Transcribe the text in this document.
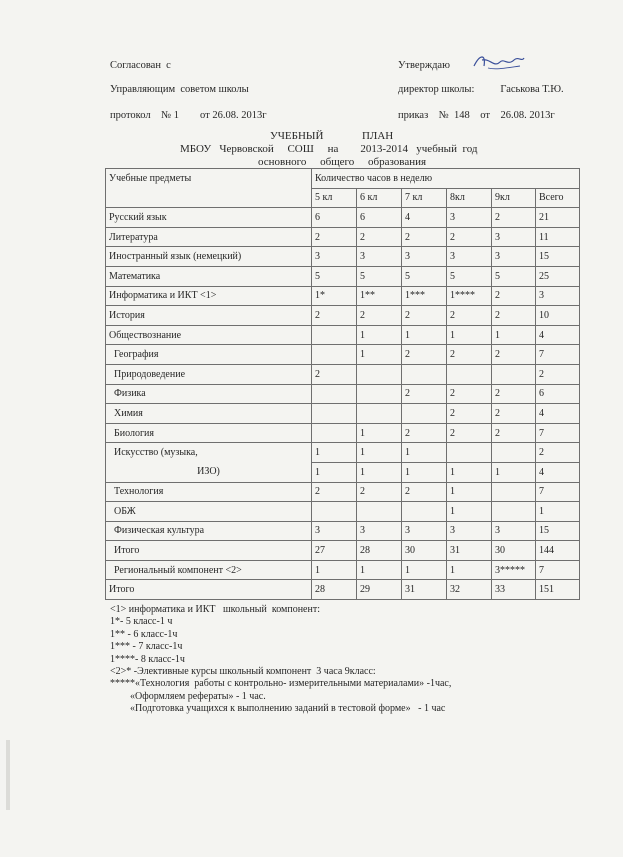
Согласован  с
Управляющим  советом школы
протокол    № 1        от 26.08. 2013г
Утверждаю
директор школы: Гаськова Т.Ю.
приказ    №  148    от    26.08. 2013г
УЧЕБНЫЙ              ПЛАН
МБОУ   Червовской     СОШ     на        2013-2014   учебный  год
основного     общего     образования
Учебные предметы	Количество часов в неделю					
	5 кл	6 кл	7 кл	8кл	9кл	Всего
Русский язык	6	6	4	3	2	21
Литература	2	2	2	2	3	11
Иностранный язык (немецкий)	3	3	3	3	3	15
Математика	5	5	5	5	5	25
Информатика и ИКТ <1>	1*	1**	1***	1****	2	3
История	2	2	2	2	2	10
Обществознание		1	1	1	1	4
География		1	2	2	2	7
Природоведение	2					2
Физика			2	2	2	6
Химия				2	2	4
Биология		1	2	2	2	7
Искусство (музыка,	1	1	1			2
ИЗО)	1	1	1	1	1	4
Технология	2	2	2	1		7
ОБЖ				1		1
Физическая культура	3	3	3	3	3	15
Итого	27	28	30	31	30	144
Региональный компонент <2>	1	1	1	1	3*****	7
Итого	28	29	31	32	33	151
<1> информатика и ИКТ   школьный  компонент:
1*- 5 класс-1 ч
1** - 6 класс-1ч
1*** - 7 класс-1ч
1****- 8 класс-1ч
<2>* -Элективные курсы школьный компонент  3 часа 9класс:
*****«Технология  работы с контрольно- измерительными материалами» -1час,
«Оформляем рефераты» - 1 час.
«Подготовка учащихся к выполнению заданий в тестовой форме»   - 1 час
